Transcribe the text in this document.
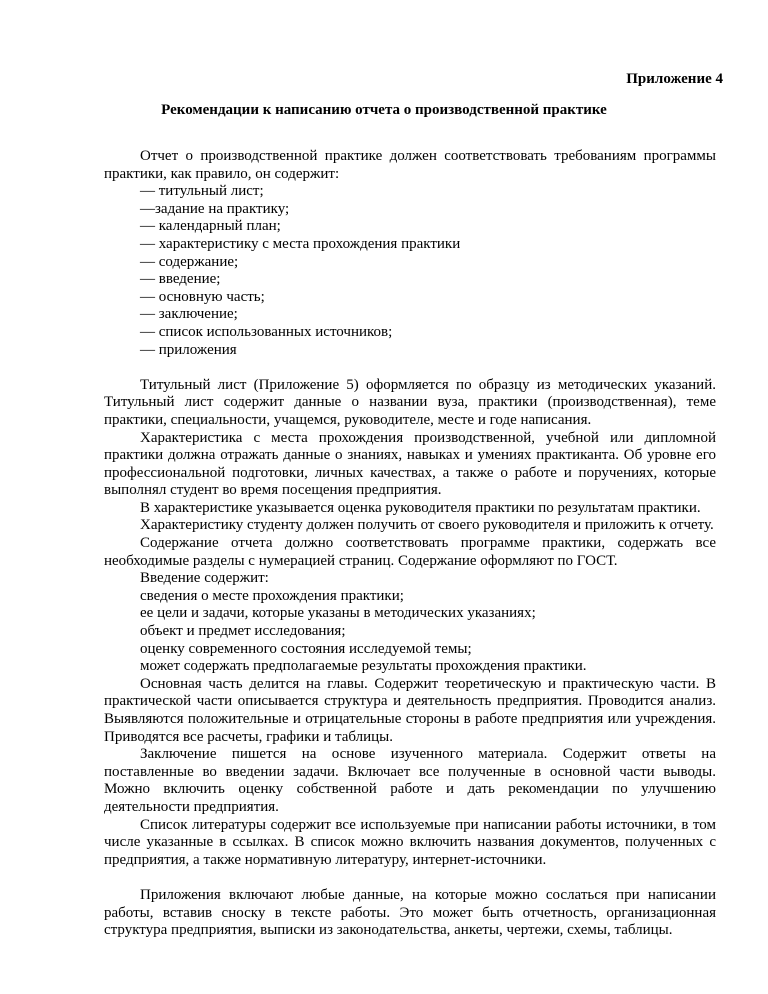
Приложение 4
Рекомендации к написанию отчета о производственной практике

Отчет о производственной практике должен соответствовать требованиям программы практики, как правило, он содержит:

— титульный лист;

—задание на практику;

— календарный план;

— характеристику с места прохождения практики

— содержание;

— введение;

— основную часть;

— заключение;

— список использованных источников;

— приложения

Титульный лист (Приложение 5) оформляется по образцу из методических указаний. Титульный лист содержит данные о названии вуза, практики (производственная), теме практики, специальности, учащемся, руководителе, месте и годе написания.

Характеристика с места прохождения производственной, учебной или дипломной практики должна отражать данные о знаниях, навыках и умениях практиканта. Об уровне его профессиональной подготовки, личных качествах, а также о работе и поручениях, которые выполнял студент во время посещения предприятия.

В характеристике указывается оценка руководителя практики по результатам практики.

Характеристику студенту должен получить от своего руководителя и приложить к отчету.

Содержание отчета должно соответствовать программе практики, содержать все необходимые разделы с нумерацией страниц. Содержание оформляют по ГОСТ.

Введение содержит:

сведения о месте прохождения практики;

ее цели и задачи, которые указаны в методических указаниях;

объект и предмет исследования;

оценку современного состояния исследуемой темы;

может содержать предполагаемые результаты прохождения практики.

Основная часть делится на главы. Содержит теоретическую и практическую части. В практической части описывается структура и деятельность предприятия. Проводится анализ. Выявляются положительные и отрицательные стороны в работе предприятия или учреждения. Приводятся все расчеты, графики и таблицы.

Заключение пишется на основе изученного материала. Содержит ответы на поставленные во введении задачи. Включает все полученные в основной части выводы. Можно включить оценку собственной работе и дать рекомендации по улучшению деятельности предприятия.

Список литературы содержит все используемые при написании работы источники, в том числе указанные в ссылках. В список можно включить названия документов, полученных с предприятия, а также нормативную литературу, интернет-источники.

Приложения включают любые данные, на которые можно сослаться при написании работы, вставив сноску в тексте работы. Это может быть отчетность, организационная структура предприятия, выписки из законодательства, анкеты, чертежи, схемы, таблицы.
